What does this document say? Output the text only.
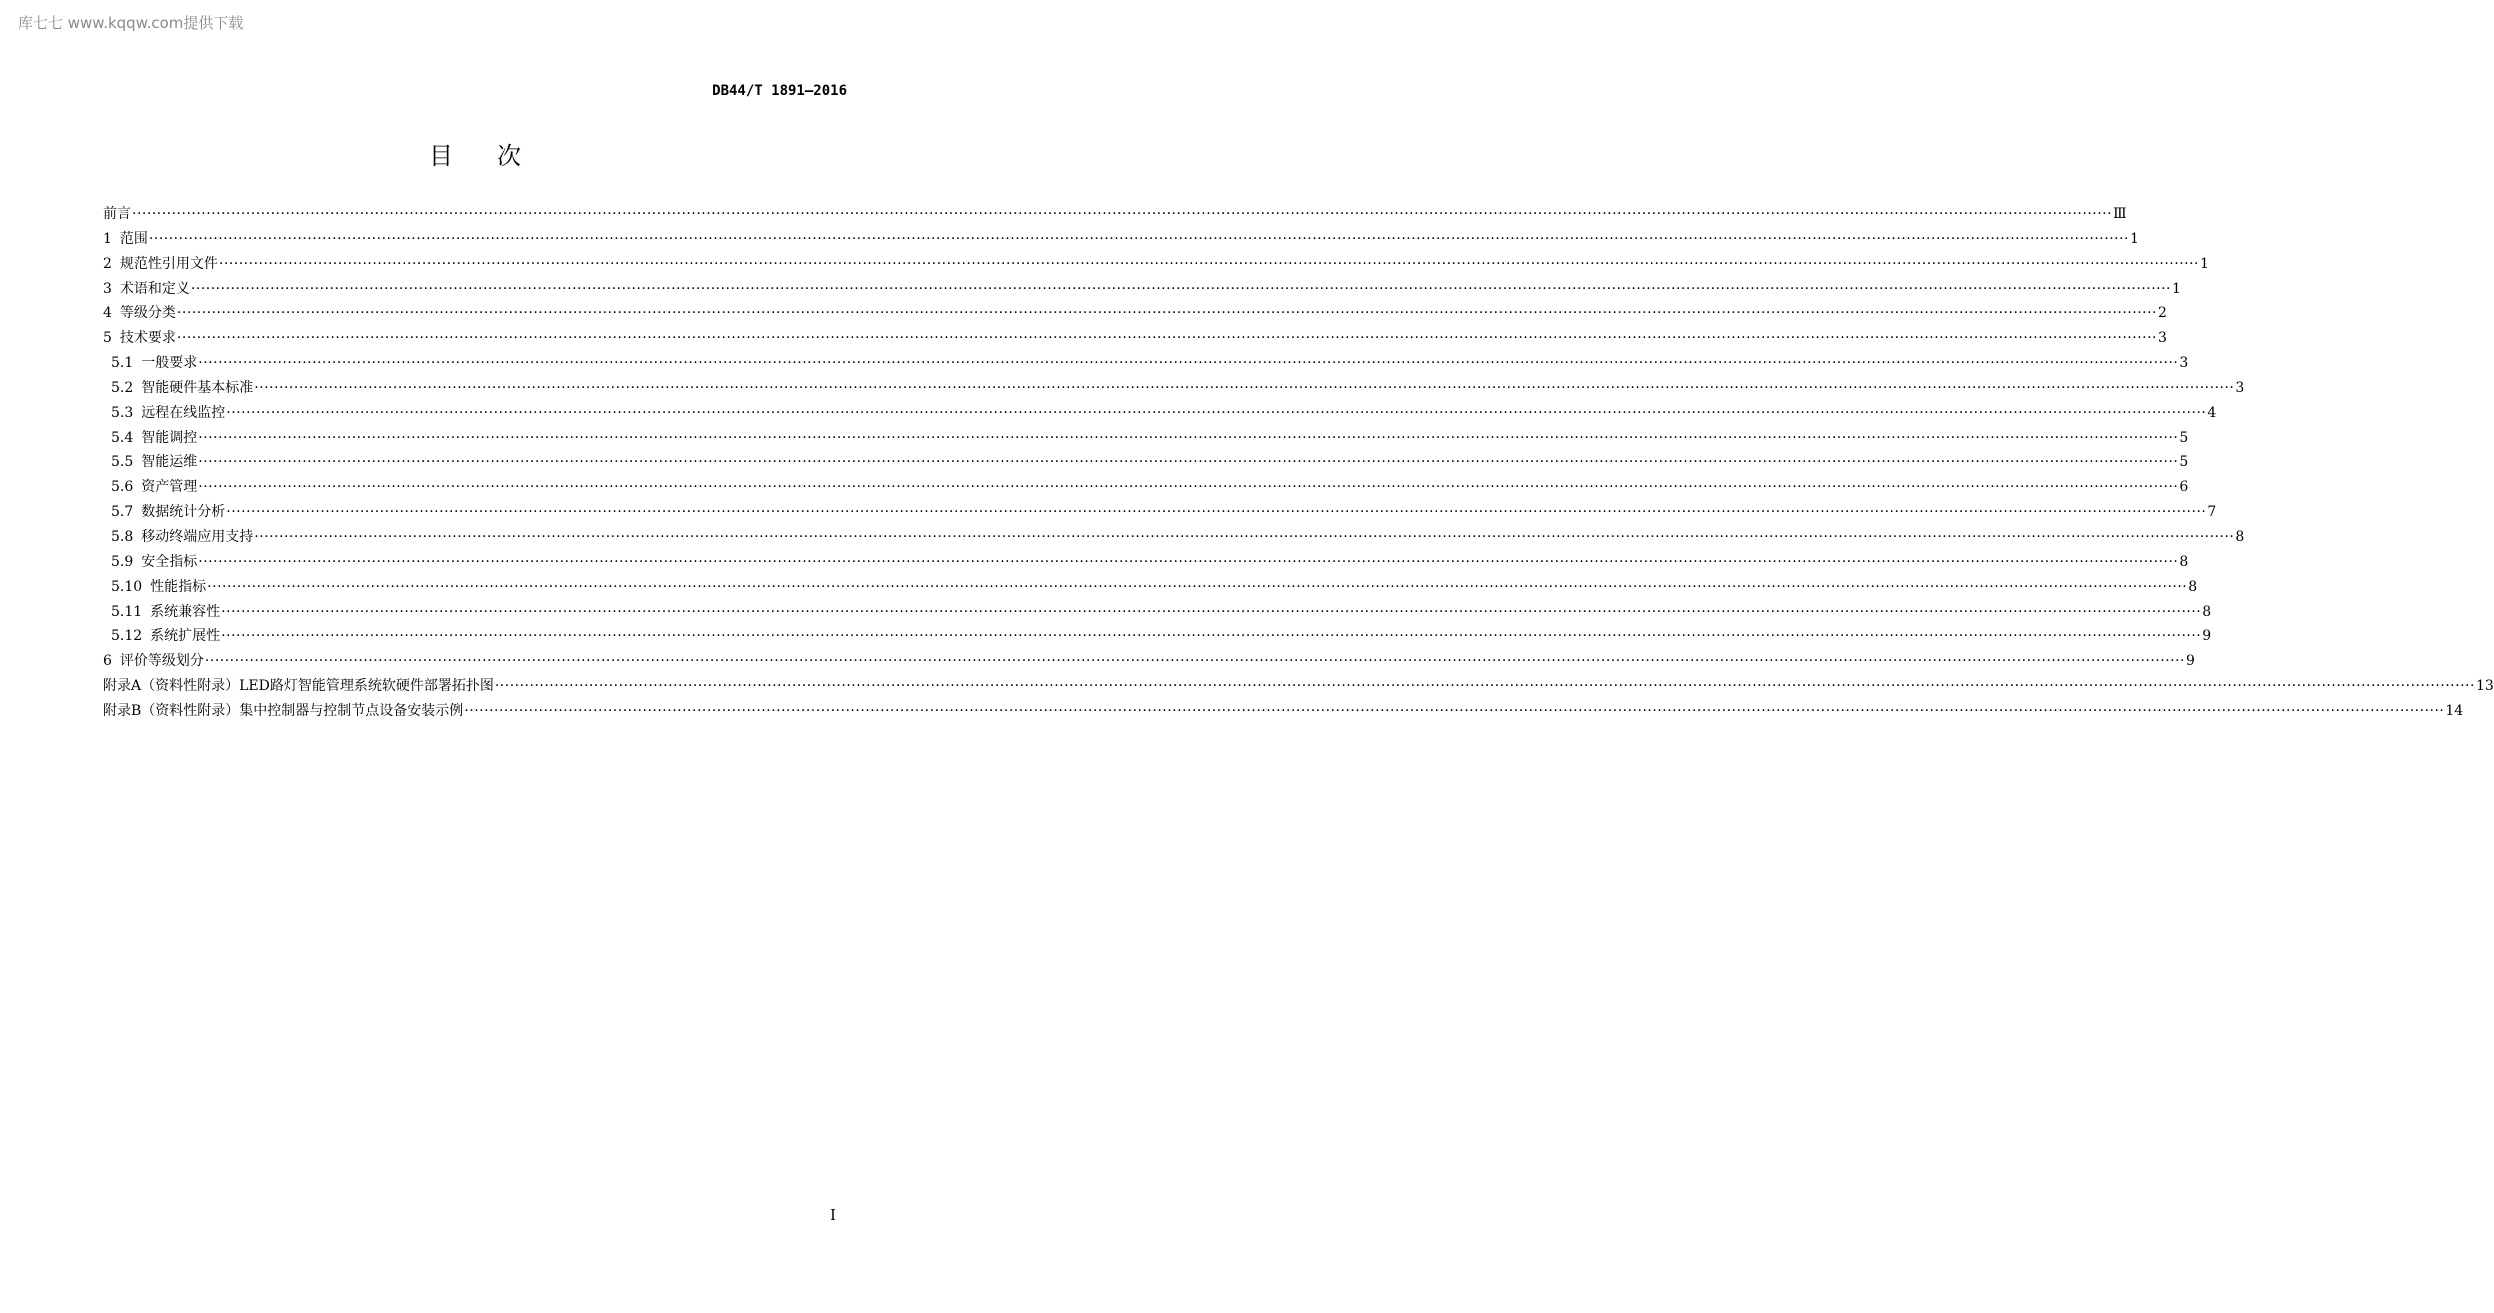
库七七 www.kqqw.com提供下载
DB44/T 1891—2016
目 次
前言 ················································································································································································································································································································································································································ Ⅲ
1 范围 ················································································································································································································································································································································································································ 1
2 规范性引用文件 ················································································································································································································································································································································································································ 1
3 术语和定义 ················································································································································································································································································································································································································ 1
4 等级分类 ················································································································································································································································································································································································································ 2
5 技术要求 ················································································································································································································································································································································································································ 3
5.1 一般要求 ················································································································································································································································································································································································································ 3
5.2 智能硬件基本标准 ················································································································································································································································································································································································································ 3
5.3 远程在线监控 ················································································································································································································································································································································································································ 4
5.4 智能调控 ················································································································································································································································································································································································································ 5
5.5 智能运维 ················································································································································································································································································································································································································ 5
5.6 资产管理 ················································································································································································································································································································································································································ 6
5.7 数据统计分析 ················································································································································································································································································································································································································ 7
5.8 移动终端应用支持 ················································································································································································································································································································································································································ 8
5.9 安全指标 ················································································································································································································································································································································································································ 8
5.10 性能指标 ················································································································································································································································································································································································································ 8
5.11 系统兼容性 ················································································································································································································································································································································································································ 8
5.12 系统扩展性 ················································································································································································································································································································································································································ 9
6 评价等级划分 ················································································································································································································································································································································································································ 9
附录A（资料性附录）LED路灯智能管理系统软硬件部署拓扑图 ················································································································································································································································································································································································································ 13
附录B（资料性附录）集中控制器与控制节点设备安装示例 ················································································································································································································································································································································································································ 14
I
